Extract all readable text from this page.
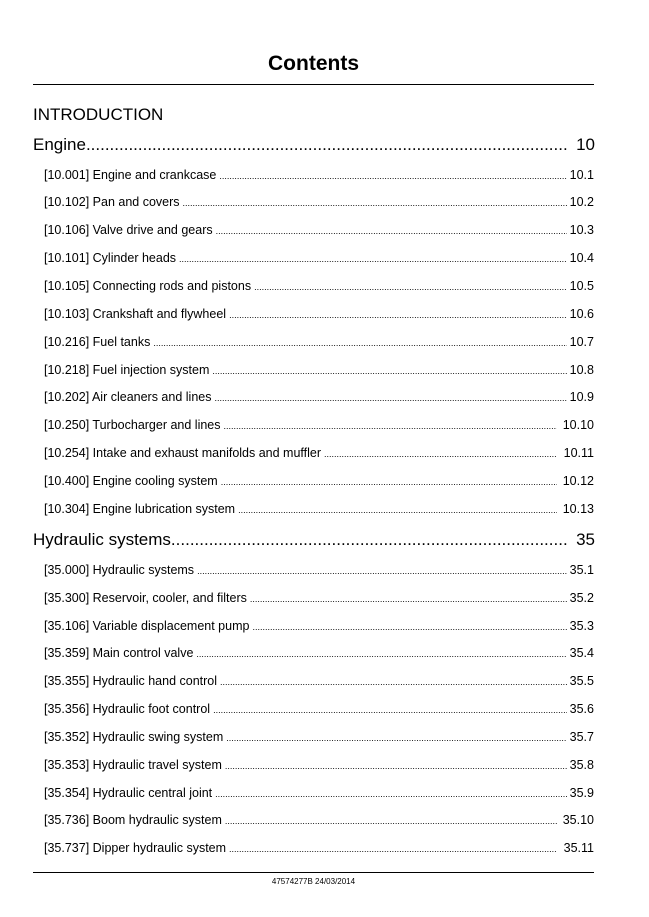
Contents
INTRODUCTION
Engine .....	10
[10.001] Engine and crankcase .....	10.1
[10.102] Pan and covers .....	10.2
[10.106] Valve drive and gears .....	10.3
[10.101] Cylinder heads .....	10.4
[10.105] Connecting rods and pistons .....	10.5
[10.103] Crankshaft and flywheel .....	10.6
[10.216] Fuel tanks .....	10.7
[10.218] Fuel injection system .....	10.8
[10.202] Air cleaners and lines .....	10.9
[10.250] Turbocharger and lines .....	10.10
[10.254] Intake and exhaust manifolds and muffler .....	10.11
[10.400] Engine cooling system .....	10.12
[10.304] Engine lubrication system .....	10.13
Hydraulic systems .....	35
[35.000] Hydraulic systems .....	35.1
[35.300] Reservoir, cooler, and filters .....	35.2
[35.106] Variable displacement pump .....	35.3
[35.359] Main control valve .....	35.4
[35.355] Hydraulic hand control .....	35.5
[35.356] Hydraulic foot control .....	35.6
[35.352] Hydraulic swing system .....	35.7
[35.353] Hydraulic travel system .....	35.8
[35.354] Hydraulic central joint .....	35.9
[35.736] Boom hydraulic system .....	35.10
[35.737] Dipper hydraulic system .....	35.11
47574277B 24/03/2014
